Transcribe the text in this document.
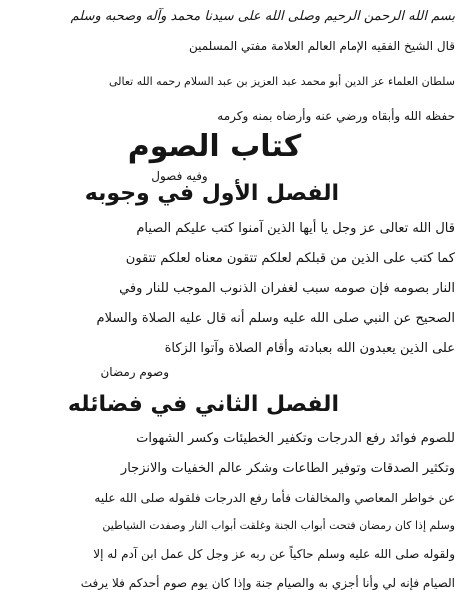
بسم الله الرحمن الرحيم وصلى الله على سيدنا محمد وآله وصحبه وسلم
قال الشيخ الفقيه الإمام العالم العلامة مفتي المسلمين
سلطان العلماء عز الدين أبو محمد عبد العزيز بن عبد السلام رحمه الله تعالى
حفظه الله وأبقاه ورضي عنه وأرضاه بمنه وكرمه
كتاب الصوم
وفيه فصول
الفصل الأول في وجوبه
قال الله تعالى عز وجل يا أيها الذين آمنوا كتب عليكم الصيام
كما كتب على الذين من قبلكم لعلكم تتقون معناه لعلكم تتقون
النار بصومه فإن صومه سبب لغفران الذنوب الموجب للنار وفي
الصحيح عن النبي صلى الله عليه وسلم أنه قال عليه الصلاة والسلام
على الذين يعبدون الله بعبادته وأقام الصلاة وآتوا الزكاة
وصوم رمضان
الفصل الثاني في فضائله
للصوم فوائد رفع الدرجات وتكفير الخطيئات وكسر الشهوات
وتكثير الصدقات وتوفير الطاعات وشكر عالم الخفيات والانزجار
عن خواطر المعاصي والمخالفات فأما رفع الدرجات فلقوله صلى الله عليه
وسلم إذا كان رمضان فتحت أبواب الجنة وغلقت أبواب النار وصفدت الشياطين
ولقوله صلى الله عليه وسلم حاكياً عن ربه عز وجل كل عمل ابن آدم له إلا
الصيام فإنه لي وأنا أجزي به والصيام جنة وإذا كان يوم صوم أحدكم فلا يرفث
